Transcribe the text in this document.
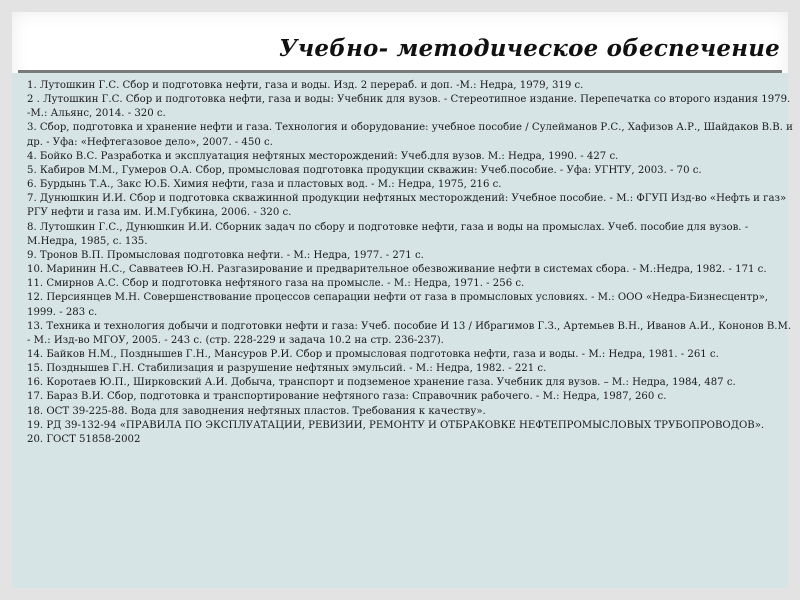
Учебно- методическое обеспечение
1. Лутошкин Г.С. Сбор и подготовка нефти, газа и воды. Изд. 2 перераб. и доп. -М.: Недра, 1979, 319 с.
2 . Лутошкин Г.С. Сбор и подготовка нефти, газа и воды: Учебник для вузов. - Стереотипное издание. Перепечатка со второго издания 1979. -М.: Альянс, 2014. - 320 с.
3. Сбор, подготовка и хранение нефти и газа. Технология и оборудование: учебное пособие / Сулейманов Р.С., Хафизов А.Р., Шайдаков В.В. и др. - Уфа: «Нефтегазовое дело», 2007. - 450 с.
4. Бойко В.С. Разработка и эксплуатация нефтяных месторождений: Учеб.для вузов. М.: Недра, 1990. - 427 с.
5. Кабиров М.М., Гумеров О.А. Сбор, промысловая подготовка продукции скважин: Учеб.пособие. - Уфа: УГНТУ, 2003. - 70 с.
6. Бурдынь Т.А., Закс Ю.Б. Химия нефти, газа и пластовых вод. - М.: Недра, 1975, 216 с.
7. Дунюшкин И.И. Сбор и подготовка скважинной продукции нефтяных месторождений: Учебное пособие. - М.: ФГУП Изд-во «Нефть и газ» РГУ нефти и газа им. И.М.Губкина, 2006. - 320 с.
8. Лутошкин Г.С., Дунюшкин И.И. Сборник задач по сбору и подготовке нефти, газа и воды на промыслах. Учеб. пособие для вузов. - М.Недра, 1985, с. 135.
9. Тронов В.П. Промысловая подготовка нефти. - М.: Недра, 1977. - 271 с.
10. Маринин Н.С., Савватеев Ю.Н. Разгазирование и предварительное обезвоживание нефти в системах сбора. - М.:Недра, 1982. - 171 с.
11. Смирнов А.С. Сбор и подготовка нефтяного газа на промысле. - М.: Недра, 1971. - 256 с.
12. Персиянцев М.Н. Совершенствование процессов сепарации нефти от газа в промысловых условиях. - М.: ООО «Недра-Бизнесцентр», 1999. - 283 с.
13. Техника и технология добычи и подготовки нефти и газа: Учеб. пособие И 13 / Ибрагимов Г.З., Артемьев В.Н., Иванов А.И., Кононов В.М. - М.: Изд-во МГОУ, 2005. - 243 с. (стр. 228-229 и задача 10.2 на стр. 236-237).
14. Байков Н.М., Позднышев Г.Н., Мансуров Р.И. Сбор и промысловая подготовка нефти, газа и воды. - М.: Недра, 1981. - 261 с.
15. Позднышев Г.Н. Стабилизация и разрушение нефтяных эмульсий. - М.: Недра, 1982. - 221 с.
16. Коротаев Ю.П., Ширковский А.И. Добыча, транспорт и подземеное хранение газа. Учебник для вузов. – М.: Недра, 1984, 487 с.
17. Бараз В.И. Сбор, подготовка и транспортирование нефтяного газа: Справочник рабочего. - М.: Недра, 1987, 260 с.
18. ОСТ 39-225-88. Вода для заводнения нефтяных пластов. Требования к качеству».
19. РД 39-132-94 «ПРАВИЛА ПО ЭКСПЛУАТАЦИИ, РЕВИЗИИ, РЕМОНТУ И ОТБРАКОВКЕ НЕФТЕПРОМЫСЛОВЫХ ТРУБОПРОВОДОВ».
20. ГОСТ 51858-2002
